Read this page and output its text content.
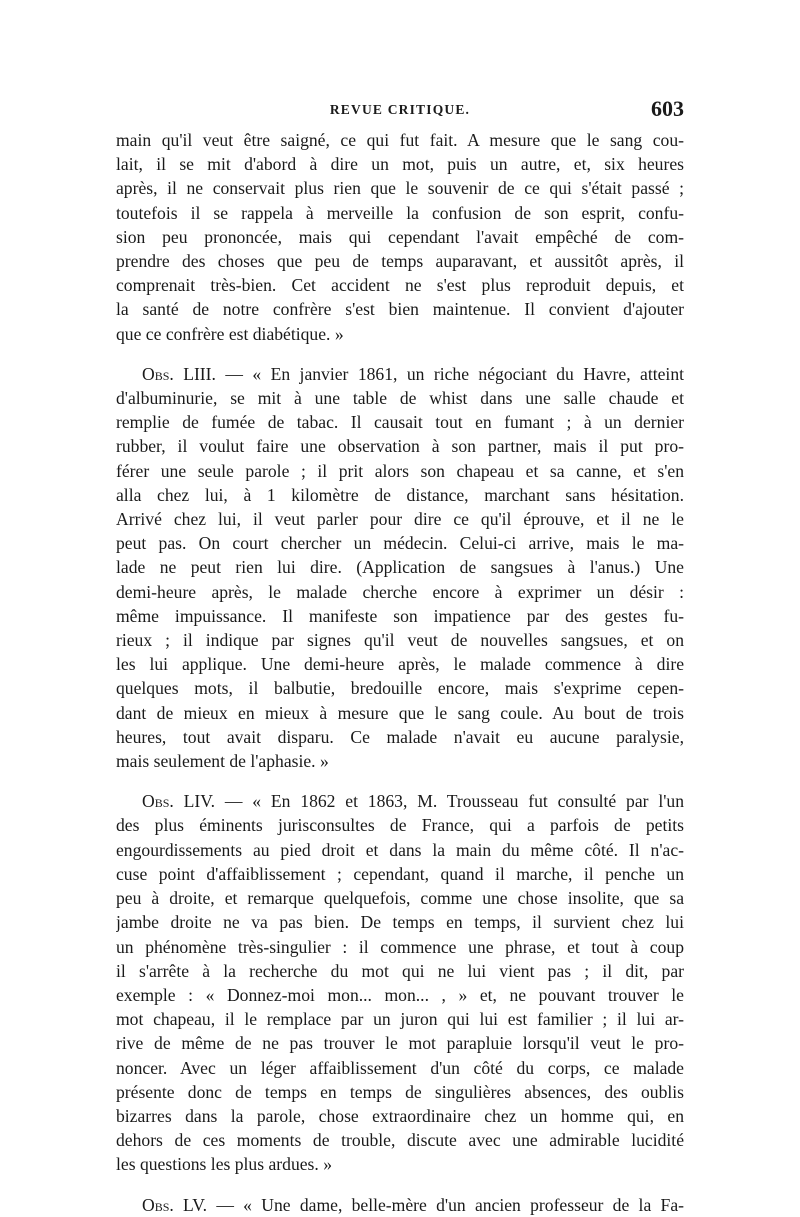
REVUE CRITIQUE.	603

main qu'il veut être saigné, ce qui fut fait. A mesure que le sang cou-
lait, il se mit d'abord à dire un mot, puis un autre, et, six heures
après, il ne conservait plus rien que le souvenir de ce qui s'était passé ;
toutefois il se rappela à merveille la confusion de son esprit, confu-
sion peu prononcée, mais qui cependant l'avait empêché de com-
prendre des choses que peu de temps auparavant, et aussitôt après, il
comprenait très-bien. Cet accident ne s'est plus reproduit depuis, et
la santé de notre confrère s'est bien maintenue. Il convient d'ajouter
que ce confrère est diabétique. »

Obs. LIII. — « En janvier 1861, un riche négociant du Havre, atteint
d'albuminurie, se mit à une table de whist dans une salle chaude et
remplie de fumée de tabac. Il causait tout en fumant ; à un dernier
rubber, il voulut faire une observation à son partner, mais il put pro-
férer une seule parole ; il prit alors son chapeau et sa canne, et s'en
alla chez lui, à 1 kilomètre de distance, marchant sans hésitation.
Arrivé chez lui, il veut parler pour dire ce qu'il éprouve, et il ne le
peut pas. On court chercher un médecin. Celui-ci arrive, mais le ma-
lade ne peut rien lui dire. (Application de sangsues à l'anus.) Une
demi-heure après, le malade cherche encore à exprimer un désir :
même impuissance. Il manifeste son impatience par des gestes fu-
rieux ; il indique par signes qu'il veut de nouvelles sangsues, et on
les lui applique. Une demi-heure après, le malade commence à dire
quelques mots, il balbutie, bredouille encore, mais s'exprime cepen-
dant de mieux en mieux à mesure que le sang coule. Au bout de trois
heures, tout avait disparu. Ce malade n'avait eu aucune paralysie,
mais seulement de l'aphasie. »

Obs. LIV. — « En 1862 et 1863, M. Trousseau fut consulté par l'un
des plus éminents jurisconsultes de France, qui a parfois de petits
engourdissements au pied droit et dans la main du même côté. Il n'ac-
cuse point d'affaiblissement ; cependant, quand il marche, il penche un
peu à droite, et remarque quelquefois, comme une chose insolite, que sa
jambe droite ne va pas bien. De temps en temps, il survient chez lui
un phénomène très-singulier : il commence une phrase, et tout à coup
il s'arrête à la recherche du mot qui ne lui vient pas ; il dit, par
exemple : « Donnez-moi mon... mon... , » et, ne pouvant trouver le
mot chapeau, il le remplace par un juron qui lui est familier ; il lui ar-
rive de même de ne pas trouver le mot parapluie lorsqu'il veut le pro-
noncer. Avec un léger affaiblissement d'un côté du corps, ce malade
présente donc de temps en temps de singulières absences, des oublis
bizarres dans la parole, chose extraordinaire chez un homme qui, en
dehors de ces moments de trouble, discute avec une admirable lucidité
les questions les plus ardues. »

Obs. LV. — « Une dame, belle-mère d'un ancien professeur de la Fa-
